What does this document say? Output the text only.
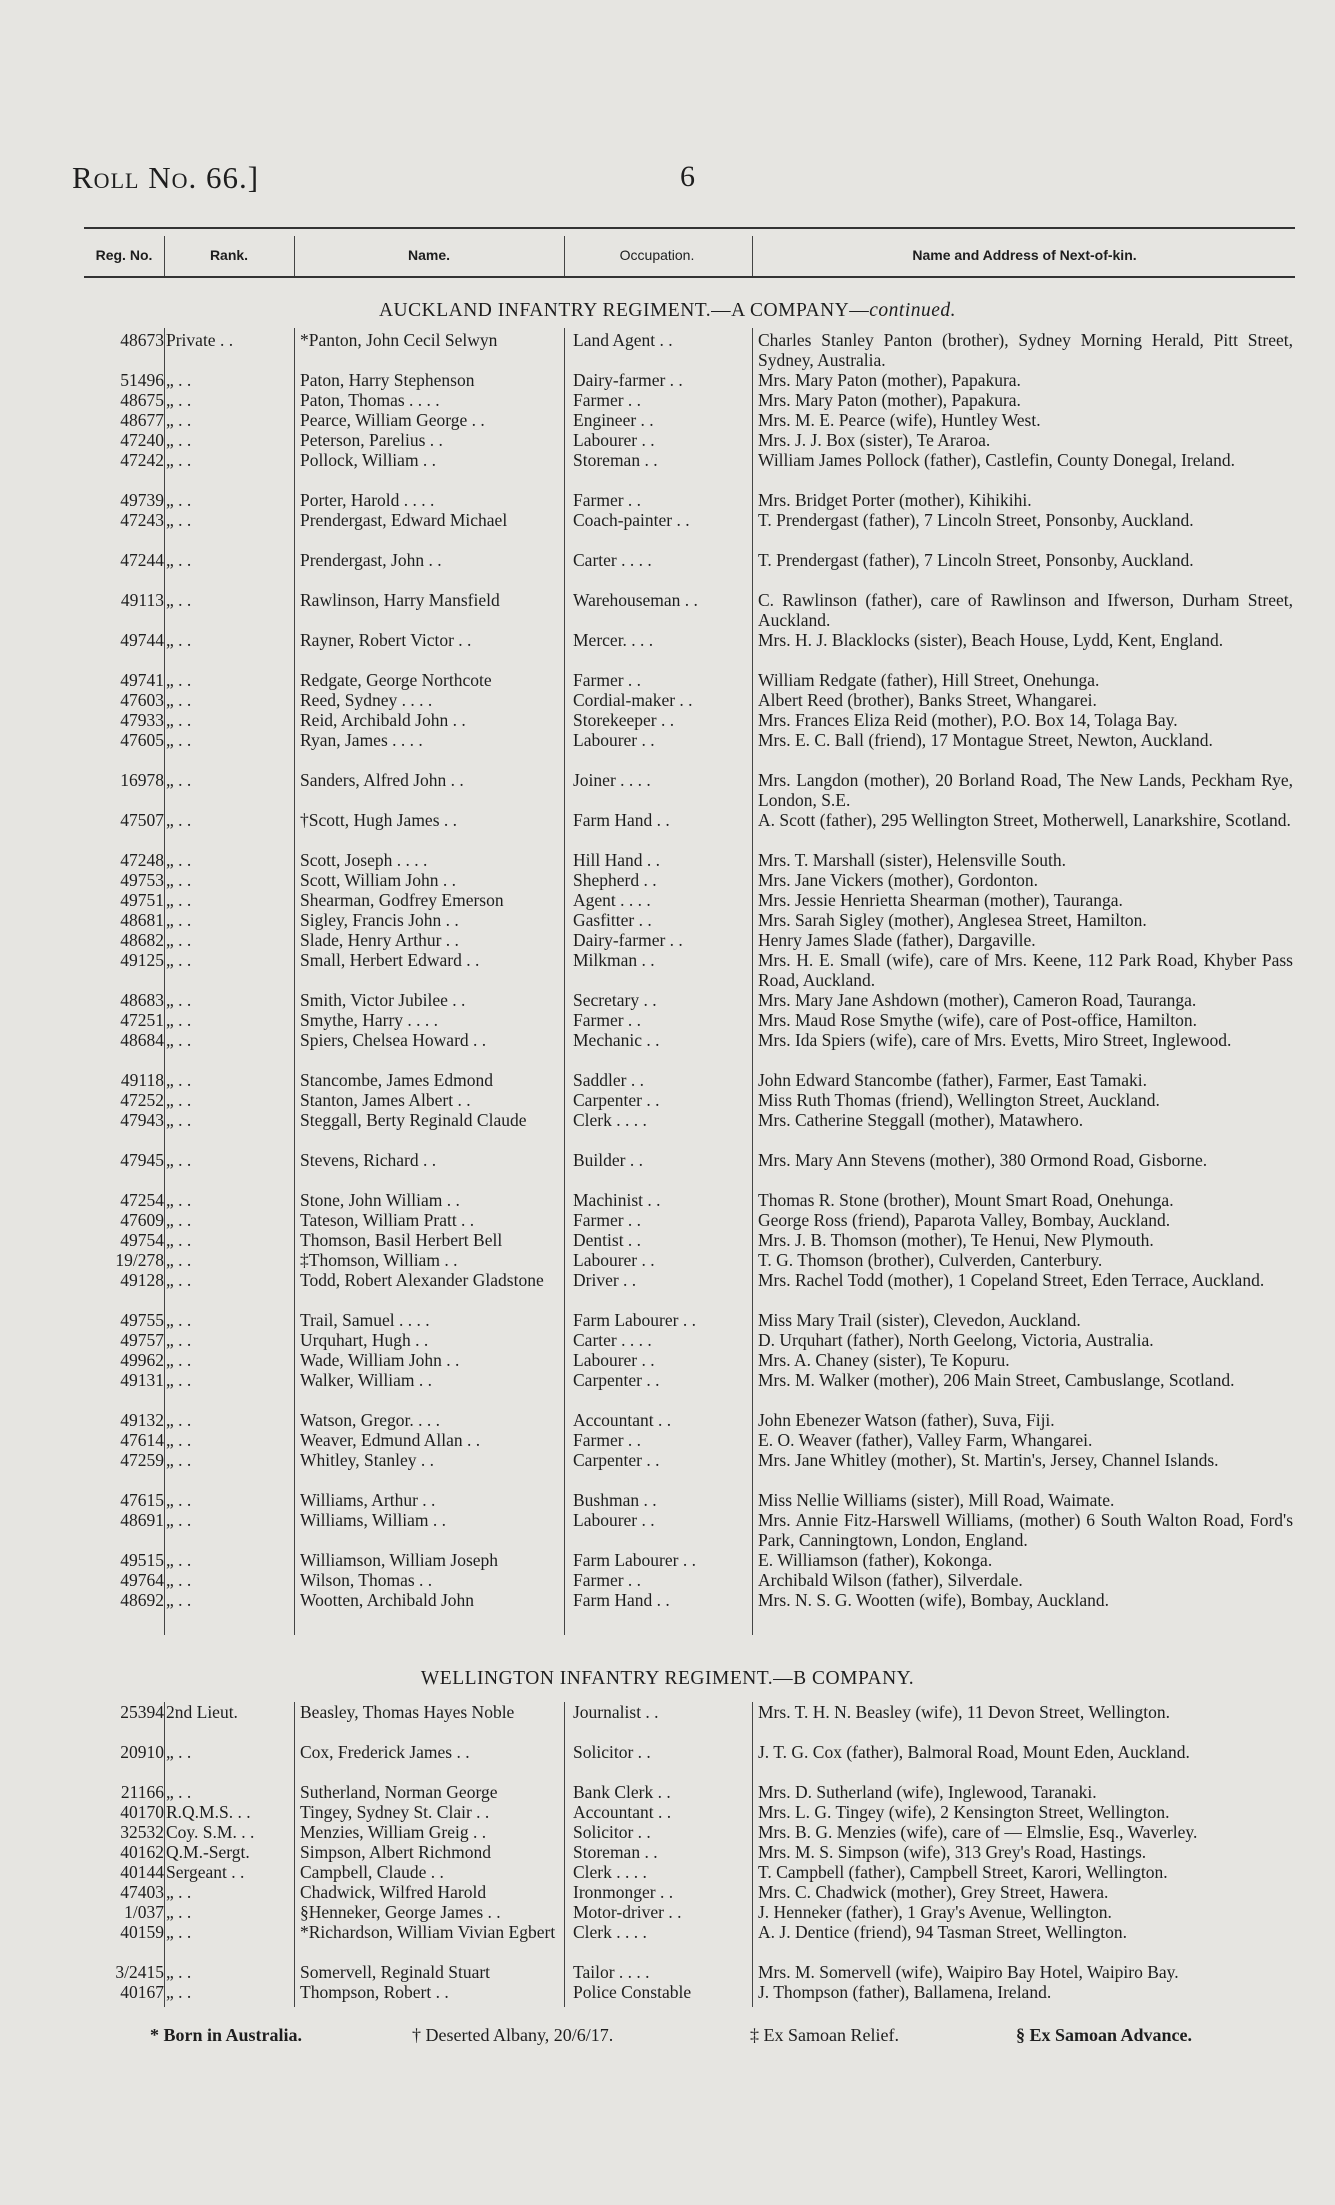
Roll No. 66.]	6
Reg. No.	Rank.	Name.	Occupation.	Name and Address of Next-of-kin.
AUCKLAND INFANTRY REGIMENT.—A COMPANY—continued.
48673 Private . .	*Panton, John Cecil Selwyn	Land Agent . .	Charles Stanley Panton (brother), Sydney Morning Herald, Pitt Street, Sydney, Australia.
51496 „ . .	Paton, Harry Stephenson	Dairy-farmer . .	Mrs. Mary Paton (mother), Papakura.
48675 „ . .	Paton, Thomas . . . .	Farmer . .	Mrs. Mary Paton (mother), Papakura.
48677 „ . .	Pearce, William George . .	Engineer . .	Mrs. M. E. Pearce (wife), Huntley West.
47240 „ . .	Peterson, Parelius . .	Labourer . .	Mrs. J. J. Box (sister), Te Araroa.
47242 „ . .	Pollock, William . .	Storeman . .	William James Pollock (father), Castlefin, County Donegal, Ireland.
49739 „ . .	Porter, Harold . . . .	Farmer . .	Mrs. Bridget Porter (mother), Kihikihi.
47243 „ . .	Prendergast, Edward Michael	Coach-painter . .	T. Prendergast (father), 7 Lincoln Street, Ponsonby, Auckland.
47244 „ . .	Prendergast, John . .	Carter . . . .	T. Prendergast (father), 7 Lincoln Street, Ponsonby, Auckland.
49113 „ . .	Rawlinson, Harry Mansfield	Warehouseman . .	C. Rawlinson (father), care of Rawlinson and Ifwerson, Durham Street, Auckland.
49744 „ . .	Rayner, Robert Victor . .	Mercer. . . .	Mrs. H. J. Blacklocks (sister), Beach House, Lydd, Kent, England.
49741 „ . .	Redgate, George Northcote	Farmer . .	William Redgate (father), Hill Street, Onehunga.
47603 „ . .	Reed, Sydney . . . .	Cordial-maker . .	Albert Reed (brother), Banks Street, Whangarei.
47933 „ . .	Reid, Archibald John . .	Storekeeper . .	Mrs. Frances Eliza Reid (mother), P.O. Box 14, Tolaga Bay.
47605 „ . .	Ryan, James . . . .	Labourer . .	Mrs. E. C. Ball (friend), 17 Montague Street, Newton, Auckland.
16978 „ . .	Sanders, Alfred John . .	Joiner . . . .	Mrs. Langdon (mother), 20 Borland Road, The New Lands, Peckham Rye, London, S.E.
47507 „ . .	†Scott, Hugh James . .	Farm Hand . .	A. Scott (father), 295 Wellington Street, Motherwell, Lanarkshire, Scotland.
47248 „ . .	Scott, Joseph . . . .	Hill Hand . .	Mrs. T. Marshall (sister), Helensville South.
49753 „ . .	Scott, William John . .	Shepherd . .	Mrs. Jane Vickers (mother), Gordonton.
49751 „ . .	Shearman, Godfrey Emerson	Agent . . . .	Mrs. Jessie Henrietta Shearman (mother), Tauranga.
48681 „ . .	Sigley, Francis John . .	Gasfitter . .	Mrs. Sarah Sigley (mother), Anglesea Street, Hamilton.
48682 „ . .	Slade, Henry Arthur . .	Dairy-farmer . .	Henry James Slade (father), Dargaville.
49125 „ . .	Small, Herbert Edward . .	Milkman . .	Mrs. H. E. Small (wife), care of Mrs. Keene, 112 Park Road, Khyber Pass Road, Auckland.
48683 „ . .	Smith, Victor Jubilee . .	Secretary . .	Mrs. Mary Jane Ashdown (mother), Cameron Road, Tauranga.
47251 „ . .	Smythe, Harry . . . .	Farmer . .	Mrs. Maud Rose Smythe (wife), care of Post-office, Hamilton.
48684 „ . .	Spiers, Chelsea Howard . .	Mechanic . .	Mrs. Ida Spiers (wife), care of Mrs. Evetts, Miro Street, Inglewood.
49118 „ . .	Stancombe, James Edmond	Saddler . .	John Edward Stancombe (father), Farmer, East Tamaki.
47252 „ . .	Stanton, James Albert . .	Carpenter . .	Miss Ruth Thomas (friend), Wellington Street, Auckland.
47943 „ . .	Steggall, Berty Reginald Claude	Clerk . . . .	Mrs. Catherine Steggall (mother), Matawhero.
47945 „ . .	Stevens, Richard . .	Builder . .	Mrs. Mary Ann Stevens (mother), 380 Ormond Road, Gisborne.
47254 „ . .	Stone, John William . .	Machinist . .	Thomas R. Stone (brother), Mount Smart Road, Onehunga.
47609 „ . .	Tateson, William Pratt . .	Farmer . .	George Ross (friend), Paparota Valley, Bombay, Auckland.
49754 „ . .	Thomson, Basil Herbert Bell	Dentist . .	Mrs. J. B. Thomson (mother), Te Henui, New Plymouth.
19/278 „ . .	‡Thomson, William . .	Labourer . .	T. G. Thomson (brother), Culverden, Canterbury.
49128 „ . .	Todd, Robert Alexander Gladstone	Driver . .	Mrs. Rachel Todd (mother), 1 Copeland Street, Eden Terrace, Auckland.
49755 „ . .	Trail, Samuel . . . .	Farm Labourer . .	Miss Mary Trail (sister), Clevedon, Auckland.
49757 „ . .	Urquhart, Hugh . .	Carter . . . .	D. Urquhart (father), North Geelong, Victoria, Australia.
49962 „ . .	Wade, William John . .	Labourer . .	Mrs. A. Chaney (sister), Te Kopuru.
49131 „ . .	Walker, William . .	Carpenter . .	Mrs. M. Walker (mother), 206 Main Street, Cambuslange, Scotland.
49132 „ . .	Watson, Gregor. . . .	Accountant . .	John Ebenezer Watson (father), Suva, Fiji.
47614 „ . .	Weaver, Edmund Allan . .	Farmer . .	E. O. Weaver (father), Valley Farm, Whangarei.
47259 „ . .	Whitley, Stanley . .	Carpenter . .	Mrs. Jane Whitley (mother), St. Martin's, Jersey, Channel Islands.
47615 „ . .	Williams, Arthur . .	Bushman . .	Miss Nellie Williams (sister), Mill Road, Waimate.
48691 „ . .	Williams, William . .	Labourer . .	Mrs. Annie Fitz-Harswell Williams, (mother) 6 South Walton Road, Ford's Park, Canningtown, London, England.
49515 „ . .	Williamson, William Joseph	Farm Labourer . .	E. Williamson (father), Kokonga.
49764 „ . .	Wilson, Thomas . .	Farmer . .	Archibald Wilson (father), Silverdale.
48692 „ . .	Wootten, Archibald John	Farm Hand . .	Mrs. N. S. G. Wootten (wife), Bombay, Auckland.
WELLINGTON INFANTRY REGIMENT.—B COMPANY.
25394 2nd Lieut.	Beasley, Thomas Hayes Noble	Journalist . .	Mrs. T. H. N. Beasley (wife), 11 Devon Street, Wellington.
20910 „ . .	Cox, Frederick James . .	Solicitor . .	J. T. G. Cox (father), Balmoral Road, Mount Eden, Auckland.
21166 „ . .	Sutherland, Norman George	Bank Clerk . .	Mrs. D. Sutherland (wife), Inglewood, Taranaki.
40170 R.Q.M.S. . .	Tingey, Sydney St. Clair . .	Accountant . .	Mrs. L. G. Tingey (wife), 2 Kensington Street, Wellington.
32532 Coy. S.M. . .	Menzies, William Greig . .	Solicitor . .	Mrs. B. G. Menzies (wife), care of — Elmslie, Esq., Waverley.
40162 Q.M.-Sergt.	Simpson, Albert Richmond	Storeman . .	Mrs. M. S. Simpson (wife), 313 Grey's Road, Hastings.
40144 Sergeant . .	Campbell, Claude . .	Clerk . . . .	T. Campbell (father), Campbell Street, Karori, Wellington.
47403 „ . .	Chadwick, Wilfred Harold	Ironmonger . .	Mrs. C. Chadwick (mother), Grey Street, Hawera.
1/037 „ . .	§Henneker, George James . .	Motor-driver . .	J. Henneker (father), 1 Gray's Avenue, Wellington.
40159 „ . .	*Richardson, William Vivian Egbert	Clerk . . . .	A. J. Dentice (friend), 94 Tasman Street, Wellington.
3/2415 „ . .	Somervell, Reginald Stuart	Tailor . . . .	Mrs. M. Somervell (wife), Waipiro Bay Hotel, Waipiro Bay.
40167 „ . .	Thompson, Robert . .	Police Constable	J. Thompson (father), Ballamena, Ireland.
* Born in Australia.	† Deserted Albany, 20/6/17.	‡ Ex Samoan Relief.	§ Ex Samoan Advance.
